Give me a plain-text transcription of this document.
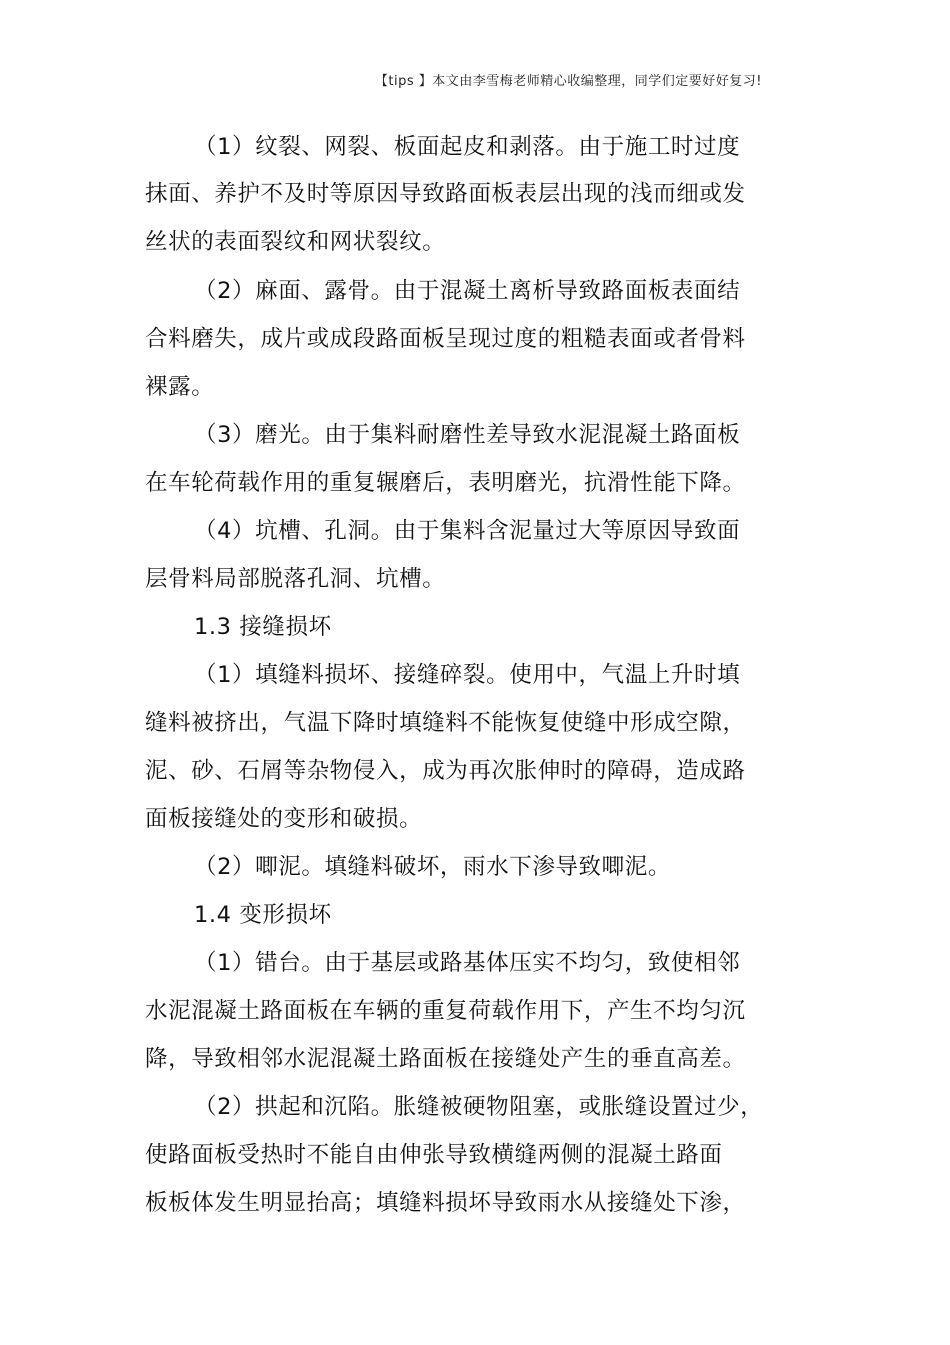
【tips 】本文由李雪梅老师精心收编整理，同学们定要好好复习!
（1）纹裂、网裂、板面起皮和剥落。由于施工时过度
抹面、养护不及时等原因导致路面板表层出现的浅而细或发
丝状的表面裂纹和网状裂纹。
（2）麻面、露骨。由于混凝土离析导致路面板表面结
合料磨失，成片或成段路面板呈现过度的粗糙表面或者骨料
裸露。
（3）磨光。由于集料耐磨性差导致水泥混凝土路面板
在车轮荷载作用的重复辗磨后，表明磨光，抗滑性能下降。
（4）坑槽、孔洞。由于集料含泥量过大等原因导致面
层骨料局部脱落孔洞、坑槽。
1.3 接缝损坏
（1）填缝料损坏、接缝碎裂。使用中，气温上升时填
缝料被挤出，气温下降时填缝料不能恢复使缝中形成空隙，
泥、砂、石屑等杂物侵入，成为再次胀伸时的障碍，造成路
面板接缝处的变形和破损。
（2）唧泥。填缝料破坏，雨水下渗导致唧泥。
1.4 变形损坏
（1）错台。由于基层或路基体压实不均匀，致使相邻
水泥混凝土路面板在车辆的重复荷载作用下，产生不均匀沉
降，导致相邻水泥混凝土路面板在接缝处产生的垂直高差。
（2）拱起和沉陷。胀缝被硬物阻塞，或胀缝设置过少，
使路面板受热时不能自由伸张导致横缝两侧的混凝土路面
板板体发生明显抬高；填缝料损坏导致雨水从接缝处下渗，
